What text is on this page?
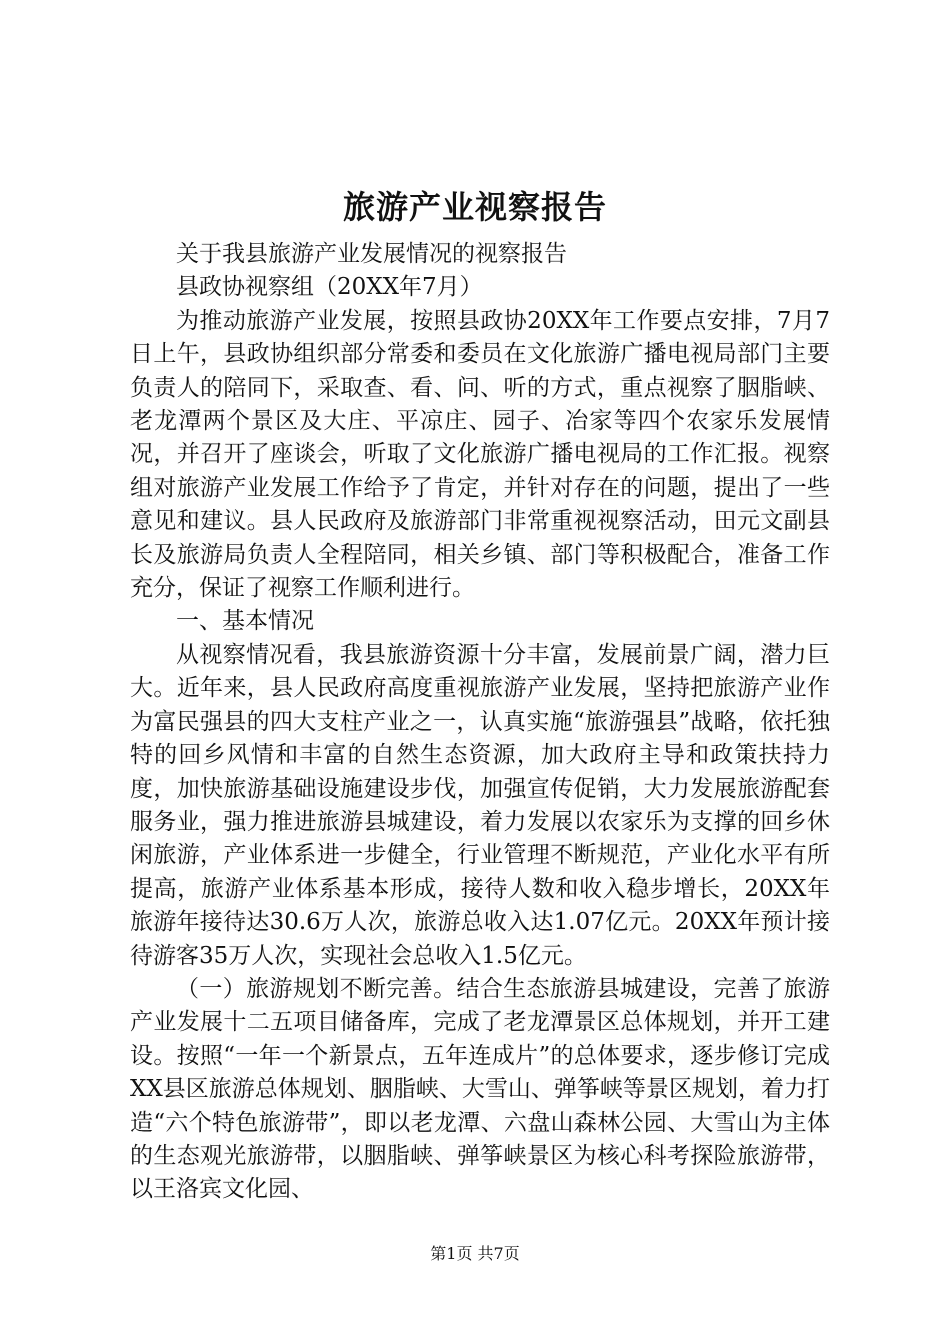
旅游产业视察报告

关于我县旅游产业发展情况的视察报告

县政协视察组（20XX年7月）

为推动旅游产业发展，按照县政协20XX年工作要点安排，7月7日上午，县政协组织部分常委和委员在文化旅游广播电视局部门主要负责人的陪同下，采取查、看、问、听的方式，重点视察了胭脂峡、老龙潭两个景区及大庄、平凉庄、园子、冶家等四个农家乐发展情况，并召开了座谈会，听取了文化旅游广播电视局的工作汇报。视察组对旅游产业发展工作给予了肯定，并针对存在的问题，提出了一些意见和建议。县人民政府及旅游部门非常重视视察活动，田元文副县长及旅游局负责人全程陪同，相关乡镇、部门等积极配合，准备工作充分，保证了视察工作顺利进行。

一、基本情况

从视察情况看，我县旅游资源十分丰富，发展前景广阔，潜力巨大。近年来，县人民政府高度重视旅游产业发展，坚持把旅游产业作为富民强县的四大支柱产业之一，认真实施“旅游强县”战略，依托独特的回乡风情和丰富的自然生态资源，加大政府主导和政策扶持力度，加快旅游基础设施建设步伐，加强宣传促销，大力发展旅游配套服务业，强力推进旅游县城建设，着力发展以农家乐为支撑的回乡休闲旅游，产业体系进一步健全，行业管理不断规范，产业化水平有所提高，旅游产业体系基本形成，接待人数和收入稳步增长，20XX年旅游年接待达30.6万人次，旅游总收入达1.07亿元。20XX年预计接待游客35万人次，实现社会总收入1.5亿元。

（一）旅游规划不断完善。结合生态旅游县城建设，完善了旅游产业发展十二五项目储备库，完成了老龙潭景区总体规划，并开工建设。按照“一年一个新景点，五年连成片”的总体要求，逐步修订完成XX县区旅游总体规划、胭脂峡、大雪山、弹筝峡等景区规划，着力打造“六个特色旅游带”，即以老龙潭、六盘山森林公园、大雪山为主体的生态观光旅游带，以胭脂峡、弹筝峡景区为核心科考探险旅游带，以王洛宾文化园、

第1页 共7页
